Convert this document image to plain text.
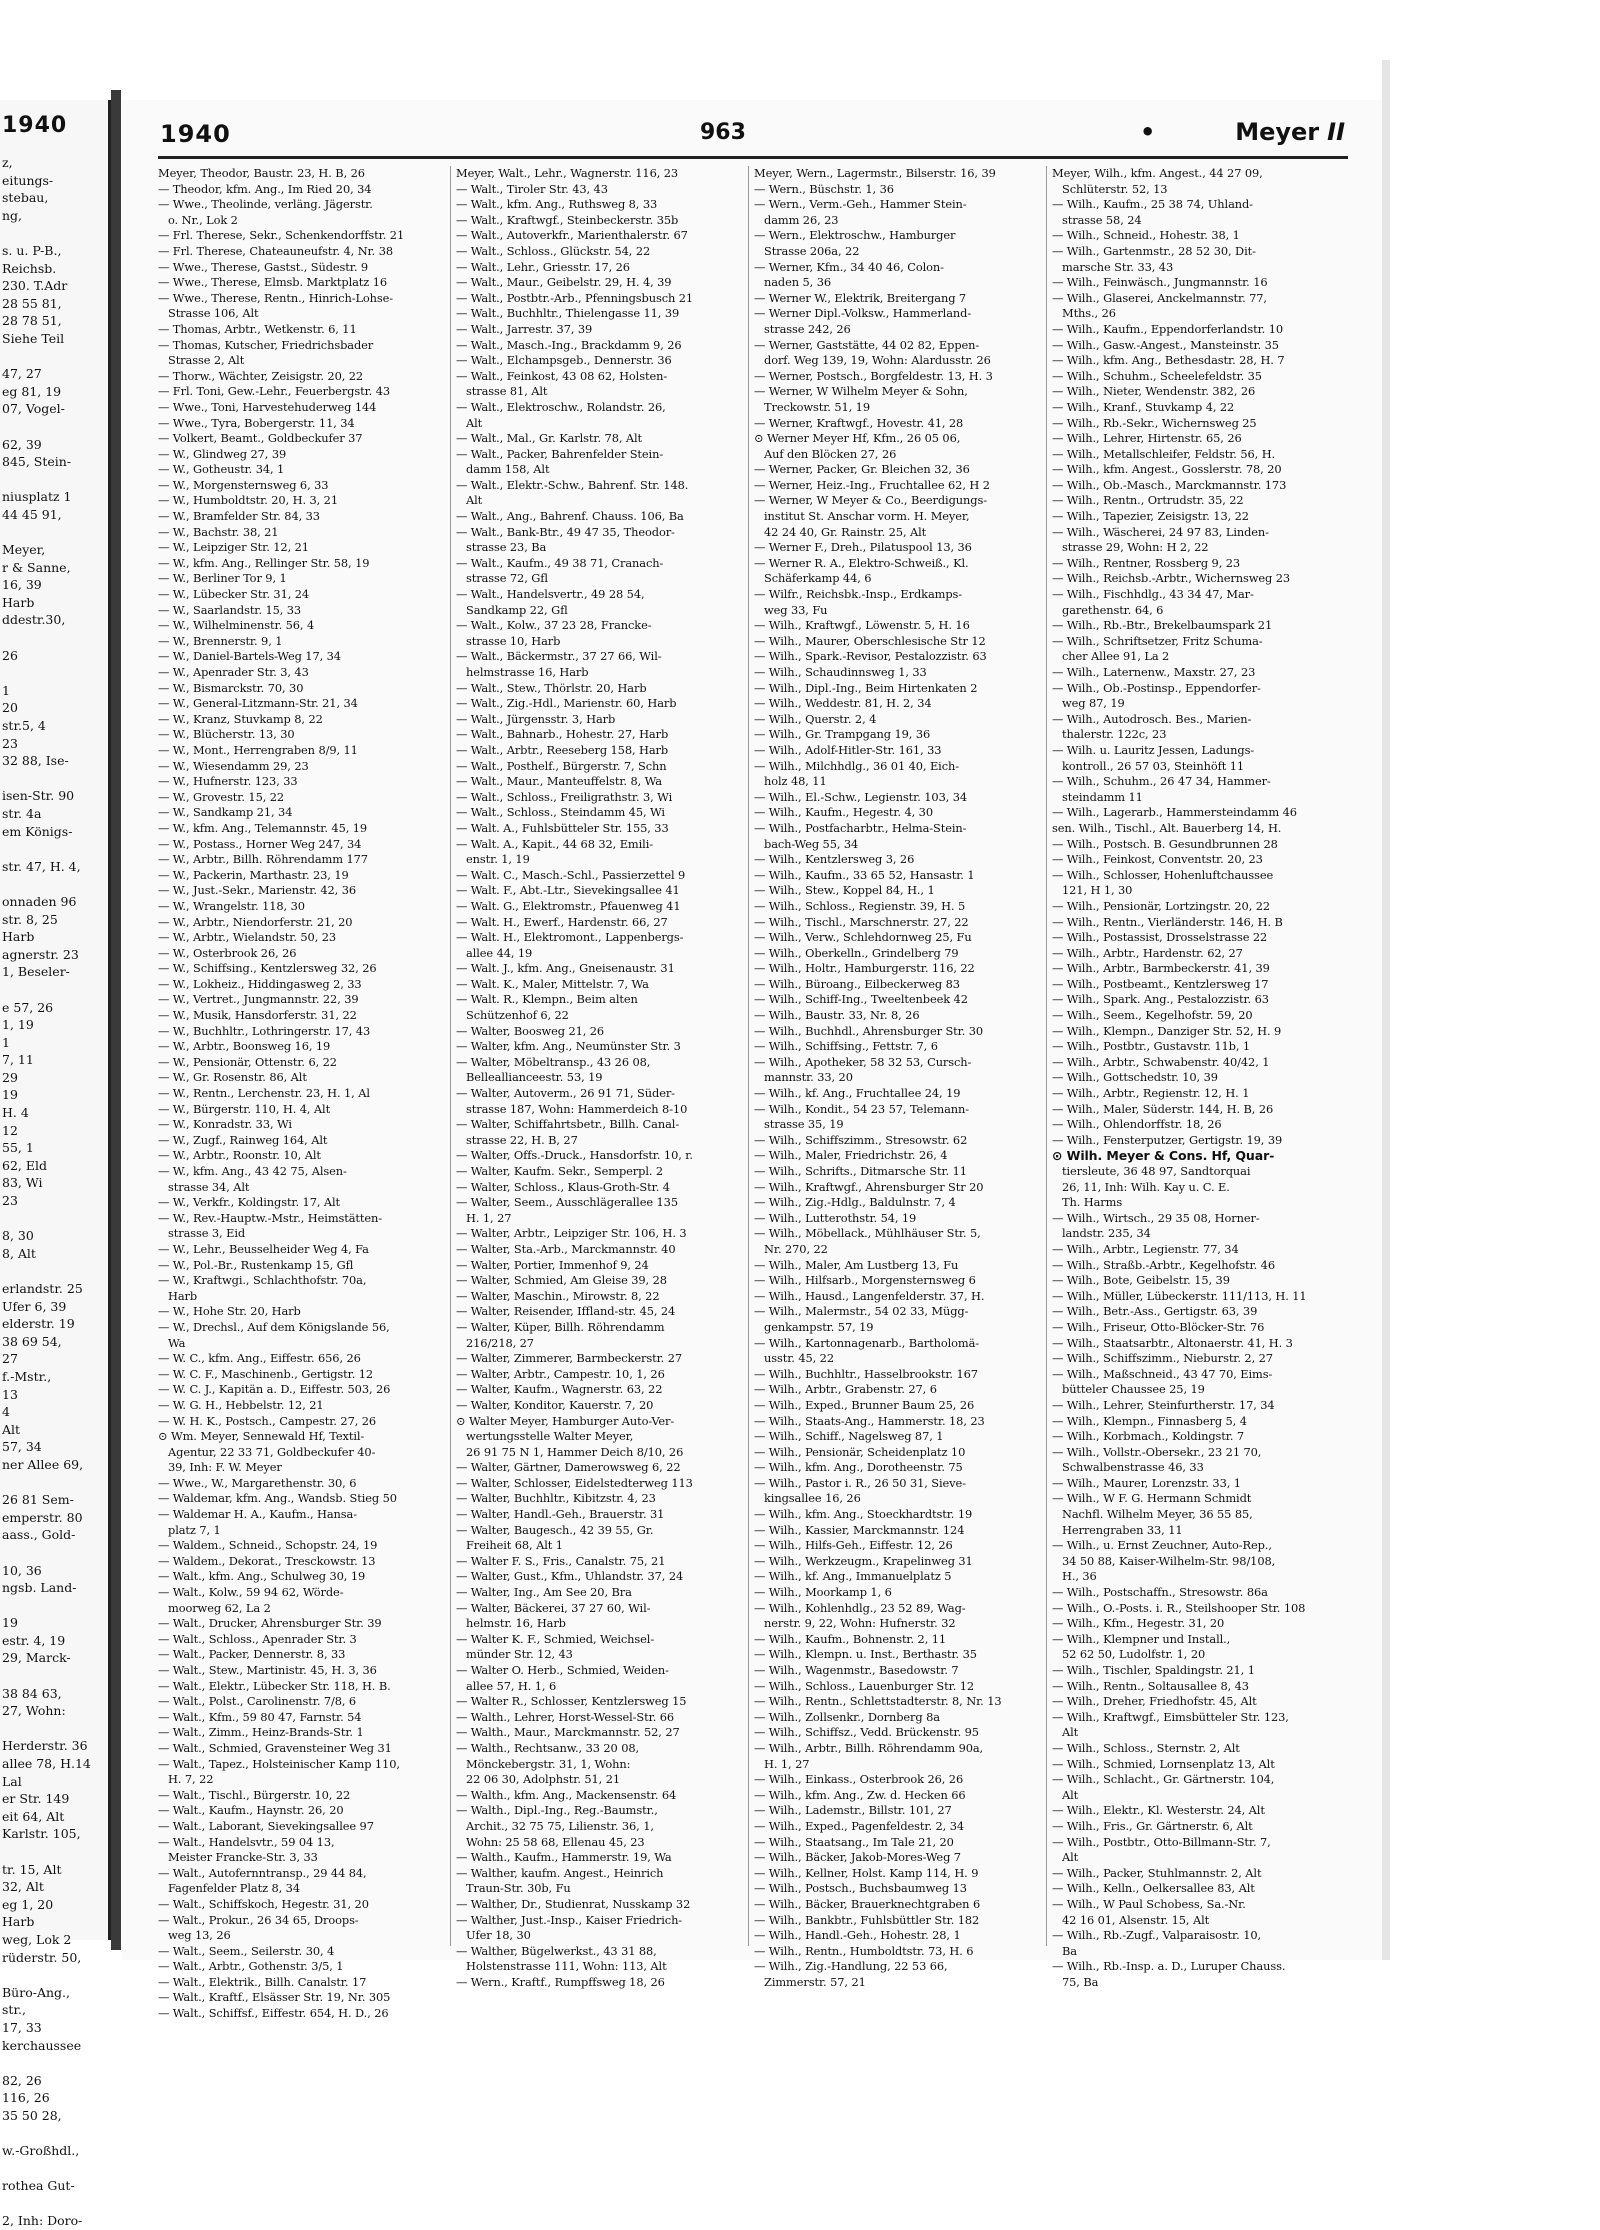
1940
z,
eitungs-
stebau,
ng,

s. u. P-B.,
Reichsb.
230. T.Adr
28 55 81,
28 78 51,
Siehe Teil

47, 27
eg 81, 19
07, Vogel-

62, 39
845, Stein-

niusplatz 1
44 45 91,

Meyer,
r & Sanne,
16, 39
Harb
ddestr.30,

26

1
20
str.5, 4
23
32 88, Ise-

isen-Str. 90
str. 4a
em Königs-

str. 47, H. 4,

onnaden 96
str. 8, 25
Harb
agnerstr. 23
1, Beseler-

e 57, 26
1, 19
1
7, 11
29
19
H. 4
12
55, 1
62, Eld
83, Wi
23

8, 30
8, Alt

erlandstr. 25
Ufer 6, 39
elderstr. 19
38 69 54,
27
f.-Mstr.,
13
4
Alt
57, 34
ner Allee 69,

26 81 Sem-
emperstr. 80
aass., Gold-

10, 36
ngsb. Land-

19
estr. 4, 19
29, Marck-

38 84 63,
27, Wohn:

Herderstr. 36
allee 78, H.14
Lal
er Str. 149
eit 64, Alt
Karlstr. 105,

tr. 15, Alt
32, Alt
eg 1, 20
Harb
weg, Lok 2
rüderstr. 50,

Büro-Ang.,
str.,
17, 33
kerchaussee

82, 26
116, 26
35 50 28,

w.-Großhdl.,

rothea Gut-

2, Inh: Doro-
1940	963	•	Meyer II
Meyer, Theodor, Baustr. 23, H. B, 26
— Theodor, kfm. Ang., Im Ried 20, 34
— Wwe., Theolinde, verläng. Jägerstr.
o. Nr., Lok 2
— Frl. Therese, Sekr., Schenkendorffstr. 21
— Frl. Therese, Chateauneufstr. 4, Nr. 38
— Wwe., Therese, Gastst., Südestr. 9
— Wwe., Therese, Elmsb. Marktplatz 16
— Wwe., Therese, Rentn., Hinrich-Lohse-
Strasse 106, Alt
— Thomas, Arbtr., Wetkenstr. 6, 11
— Thomas, Kutscher, Friedrichsbader
Strasse 2, Alt
— Thorw., Wächter, Zeisigstr. 20, 22
— Frl. Toni, Gew.-Lehr., Feuerbergstr. 43
— Wwe., Toni, Harvestehuderweg 144
— Wwe., Tyra, Bobergerstr. 11, 34
— Volkert, Beamt., Goldbeckufer 37
— W., Glindweg 27, 39
— W., Gotheustr. 34, 1
— W., Morgensternsweg 6, 33
— W., Humboldtstr. 20, H. 3, 21
— W., Bramfelder Str. 84, 33
— W., Bachstr. 38, 21
— W., Leipziger Str. 12, 21
— W., kfm. Ang., Rellinger Str. 58, 19
— W., Berliner Tor 9, 1
— W., Lübecker Str. 31, 24
— W., Saarlandstr. 15, 33
— W., Wilhelminenstr. 56, 4
— W., Brennerstr. 9, 1
— W., Daniel-Bartels-Weg 17, 34
— W., Apenrader Str. 3, 43
— W., Bismarckstr. 70, 30
— W., General-Litzmann-Str. 21, 34
— W., Kranz, Stuvkamp 8, 22
— W., Blücherstr. 13, 30
— W., Mont., Herrengraben 8/9, 11
— W., Wiesendamm 29, 23
— W., Hufnerstr. 123, 33
— W., Grovestr. 15, 22
— W., Sandkamp 21, 34
— W., kfm. Ang., Telemannstr. 45, 19
— W., Postass., Horner Weg 247, 34
— W., Arbtr., Billh. Röhrendamm 177
— W., Packerin, Marthastr. 23, 19
— W., Just.-Sekr., Marienstr. 42, 36
— W., Wrangelstr. 118, 30
— W., Arbtr., Niendorferstr. 21, 20
— W., Arbtr., Wielandstr. 50, 23
— W., Osterbrook 26, 26
— W., Schiffsing., Kentzlersweg 32, 26
— W., Lokheiz., Hiddingasweg 2, 33
— W., Vertret., Jungmannstr. 22, 39
— W., Musik, Hansdorferstr. 31, 22
— W., Buchhltr., Lothringerstr. 17, 43
— W., Arbtr., Boonsweg 16, 19
— W., Pensionär, Ottenstr. 6, 22
— W., Gr. Rosenstr. 86, Alt
— W., Rentn., Lerchenstr. 23, H. 1, Al
— W., Bürgerstr. 110, H. 4, Alt
— W., Konradstr. 33, Wi
— W., Zugf., Rainweg 164, Alt
— W., Arbtr., Roonstr. 10, Alt
— W., kfm. Ang., 43 42 75, Alsen-
strasse 34, Alt
— W., Verkfr., Koldingstr. 17, Alt
— W., Rev.-Hauptw.-Mstr., Heimstätten-
strasse 3, Eid
— W., Lehr., Beusselheider Weg 4, Fa
— W., Pol.-Br., Rustenkamp 15, Gfl
— W., Kraftwgi., Schlachthofstr. 70a,
Harb
— W., Hohe Str. 20, Harb
— W., Drechsl., Auf dem Königslande 56,
Wa
— W. C., kfm. Ang., Eiffestr. 656, 26
— W. C. F., Maschinenb., Gertigstr. 12
— W. C. J., Kapitän a. D., Eiffestr. 503, 26
— W. G. H., Hebbelstr. 12, 21
— W. H. K., Postsch., Campestr. 27, 26
⊙ Wm. Meyer, Sennewald Hf, Textil-
Agentur, 22 33 71, Goldbeckufer 40-
39, Inh: F. W. Meyer
— Wwe., W., Margarethenstr. 30, 6
— Waldemar, kfm. Ang., Wandsb. Stieg 50
— Waldemar H. A., Kaufm., Hansa-
platz 7, 1
— Waldem., Schneid., Schopstr. 24, 19
— Waldem., Dekorat., Tresckowstr. 13
— Walt., kfm. Ang., Schulweg 30, 19
— Walt., Kolw., 59 94 62, Wörde-
moorweg 62, La 2
— Walt., Drucker, Ahrensburger Str. 39
— Walt., Schloss., Apenrader Str. 3
— Walt., Packer, Dennerstr. 8, 33
— Walt., Stew., Martinistr. 45, H. 3, 36
— Walt., Elektr., Lübecker Str. 118, H. B.
— Walt., Polst., Carolinenstr. 7/8, 6
— Walt., Kfm., 59 80 47, Farnstr. 54
— Walt., Zimm., Heinz-Brands-Str. 1
— Walt., Schmied, Gravensteiner Weg 31
— Walt., Tapez., Holsteinischer Kamp 110,
H. 7, 22
— Walt., Tischl., Bürgerstr. 10, 22
— Walt., Kaufm., Haynstr. 26, 20
— Walt., Laborant, Sievekingsallee 97
— Walt., Handelsvtr., 59 04 13,
Meister Francke-Str. 3, 33
— Walt., Autofernntransp., 29 44 84,
Fagenfelder Platz 8, 34
— Walt., Schiffskoch, Hegestr. 31, 20
— Walt., Prokur., 26 34 65, Droops-
weg 13, 26
— Walt., Seem., Seilerstr. 30, 4
— Walt., Arbtr., Gothenstr. 3/5, 1
— Walt., Elektrik., Billh. Canalstr. 17
— Walt., Kraftf., Elsässer Str. 19, Nr. 305
— Walt., Schiffsf., Eiffestr. 654, H. D., 26
Meyer, Walt., Lehr., Wagnerstr. 116, 23
— Walt., Tiroler Str. 43, 43
— Walt., kfm. Ang., Ruthsweg 8, 33
— Walt., Kraftwgf., Steinbeckerstr. 35b
— Walt., Autoverkfr., Marienthalerstr. 67
— Walt., Schloss., Glückstr. 54, 22
— Walt., Lehr., Griesstr. 17, 26
— Walt., Maur., Geibelstr. 29, H. 4, 39
— Walt., Postbtr.-Arb., Pfenningsbusch 21
— Walt., Buchhltr., Thielengasse 11, 39
— Walt., Jarrestr. 37, 39
— Walt., Masch.-Ing., Brackdamm 9, 26
— Walt., Elchampsgeb., Dennerstr. 36
— Walt., Feinkost, 43 08 62, Holsten-
strasse 81, Alt
— Walt., Elektroschw., Rolandstr. 26,
Alt
— Walt., Mal., Gr. Karlstr. 78, Alt
— Walt., Packer, Bahrenfelder Stein-
damm 158, Alt
— Walt., Elektr.-Schw., Bahrenf. Str. 148.
Alt
— Walt., Ang., Bahrenf. Chauss. 106, Ba
— Walt., Bank-Btr., 49 47 35, Theodor-
strasse 23, Ba
— Walt., Kaufm., 49 38 71, Cranach-
strasse 72, Gfl
— Walt., Handelsvertr., 49 28 54,
Sandkamp 22, Gfl
— Walt., Kolw., 37 23 28, Francke-
strasse 10, Harb
— Walt., Bäckermstr., 37 27 66, Wil-
helmstrasse 16, Harb
— Walt., Stew., Thörlstr. 20, Harb
— Walt., Zig.-Hdl., Marienstr. 60, Harb
— Walt., Jürgensstr. 3, Harb
— Walt., Bahnarb., Hohestr. 27, Harb
— Walt., Arbtr., Reeseberg 158, Harb
— Walt., Posthelf., Bürgerstr. 7, Schn
— Walt., Maur., Manteuffelstr. 8, Wa
— Walt., Schloss., Freiligrathstr. 3, Wi
— Walt., Schloss., Steindamm 45, Wi
— Walt. A., Fuhlsbütteler Str. 155, 33
— Walt. A., Kapit., 44 68 32, Emili-
enstr. 1, 19
— Walt. C., Masch.-Schl., Passierzettel 9
— Walt. F., Abt.-Ltr., Sievekingsallee 41
— Walt. G., Elektromstr., Pfauenweg 41
— Walt. H., Ewerf., Hardenstr. 66, 27
— Walt. H., Elektromont., Lappenbergs-
allee 44, 19
— Walt. J., kfm. Ang., Gneisenaustr. 31
— Walt. K., Maler, Mittelstr. 7, Wa
— Walt. R., Klempn., Beim alten
Schützenhof 6, 22
— Walter, Boosweg 21, 26
— Walter, kfm. Ang., Neumünster Str. 3
— Walter, Möbeltransp., 43 26 08,
Belleallianceestr. 53, 19
— Walter, Autoverm., 26 91 71, Süder-
strasse 187, Wohn: Hammerdeich 8-10
— Walter, Schiffahrtsbetr., Billh. Canal-
strasse 22, H. B, 27
— Walter, Offs.-Druck., Hansdorfstr. 10, r.
— Walter, Kaufm. Sekr., Semperpl. 2
— Walter, Schloss., Klaus-Groth-Str. 4
— Walter, Seem., Ausschlägerallee 135
H. 1, 27
— Walter, Arbtr., Leipziger Str. 106, H. 3
— Walter, Sta.-Arb., Marckmannstr. 40
— Walter, Portier, Immenhof 9, 24
— Walter, Schmied, Am Gleise 39, 28
— Walter, Maschin., Mirowstr. 8, 22
— Walter, Reisender, Iffland-str. 45, 24
— Walter, Küper, Billh. Röhrendamm
216/218, 27
— Walter, Zimmerer, Barmbeckerstr. 27
— Walter, Arbtr., Campestr. 10, 1, 26
— Walter, Kaufm., Wagnerstr. 63, 22
— Walter, Konditor, Kauerstr. 7, 20
⊙ Walter Meyer, Hamburger Auto-Ver-
wertungsstelle Walter Meyer,
26 91 75 N 1, Hammer Deich 8/10, 26
— Walter, Gärtner, Damerowsweg 6, 22
— Walter, Schlosser, Eidelstedterweg 113
— Walter, Buchhltr., Kibitzstr. 4, 23
— Walter, Handl.-Geh., Brauerstr. 31
— Walter, Baugesch., 42 39 55, Gr.
Freiheit 68, Alt 1
— Walter F. S., Fris., Canalstr. 75, 21
— Walter, Gust., Kfm., Uhlandstr. 37, 24
— Walter, Ing., Am See 20, Bra
— Walter, Bäckerei, 37 27 60, Wil-
helmstr. 16, Harb
— Walter K. F., Schmied, Weichsel-
münder Str. 12, 43
— Walter O. Herb., Schmied, Weiden-
allee 57, H. 1, 6
— Walter R., Schlosser, Kentzlersweg 15
— Walth., Lehrer, Horst-Wessel-Str. 66
— Walth., Maur., Marckmannstr. 52, 27
— Walth., Rechtsanw., 33 20 08,
Mönckebergstr. 31, 1, Wohn:
22 06 30, Adolphstr. 51, 21
— Walth., kfm. Ang., Mackensenstr. 64
— Walth., Dipl.-Ing., Reg.-Baumstr.,
Archit., 32 75 75, Lilienstr. 36, 1,
Wohn: 25 58 68, Ellenau 45, 23
— Walth., Kaufm., Hammerstr. 19, Wa
— Walther, kaufm. Angest., Heinrich
Traun-Str. 30b, Fu
— Walther, Dr., Studienrat, Nusskamp 32
— Walther, Just.-Insp., Kaiser Friedrich-
Ufer 18, 30
— Walther, Bügelwerkst., 43 31 88,
Holstenstrasse 111, Wohn: 113, Alt
— Wern., Kraftf., Rumpffsweg 18, 26
Meyer, Wern., Lagermstr., Bilserstr. 16, 39
— Wern., Büschstr. 1, 36
— Wern., Verm.-Geh., Hammer Stein-
damm 26, 23
— Wern., Elektroschw., Hamburger
Strasse 206a, 22
— Werner, Kfm., 34 40 46, Colon-
naden 5, 36
— Werner W., Elektrik, Breitergang 7
— Werner Dipl.-Volksw., Hammerland-
strasse 242, 26
— Werner, Gaststätte, 44 02 82, Eppen-
dorf. Weg 139, 19, Wohn: Alardusstr. 26
— Werner, Postsch., Borgfeldestr. 13, H. 3
— Werner, W Wilhelm Meyer & Sohn,
Treckowstr. 51, 19
— Werner, Kraftwgf., Hovestr. 41, 28
⊙ Werner Meyer Hf, Kfm., 26 05 06,
Auf den Blöcken 27, 26
— Werner, Packer, Gr. Bleichen 32, 36
— Werner, Heiz.-Ing., Fruchtallee 62, H 2
— Werner, W Meyer & Co., Beerdigungs-
institut St. Anschar vorm. H. Meyer,
42 24 40, Gr. Rainstr. 25, Alt
— Werner F., Dreh., Pilatuspool 13, 36
— Werner R. A., Elektro-Schweiß., Kl.
Schäferkamp 44, 6
— Wilfr., Reichsbk.-Insp., Erdkamps-
weg 33, Fu
— Wilh., Kraftwgf., Löwenstr. 5, H. 16
— Wilh., Maurer, Oberschlesische Str 12
— Wilh., Spark.-Revisor, Pestalozzistr. 63
— Wilh., Schaudinnsweg 1, 33
— Wilh., Dipl.-Ing., Beim Hirtenkaten 2
— Wilh., Weddestr. 81, H. 2, 34
— Wilh., Querstr. 2, 4
— Wilh., Gr. Trampgang 19, 36
— Wilh., Adolf-Hitler-Str. 161, 33
— Wilh., Milchhdlg., 36 01 40, Eich-
holz 48, 11
— Wilh., El.-Schw., Legienstr. 103, 34
— Wilh., Kaufm., Hegestr. 4, 30
— Wilh., Postfacharbtr., Helma-Stein-
bach-Weg 55, 34
— Wilh., Kentzlersweg 3, 26
— Wilh., Kaufm., 33 65 52, Hansastr. 1
— Wilh., Stew., Koppel 84, H., 1
— Wilh., Schloss., Regienstr. 39, H. 5
— Wilh., Tischl., Marschnerstr. 27, 22
— Wilh., Verw., Schlehdornweg 25, Fu
— Wilh., Oberkelln., Grindelberg 79
— Wilh., Holtr., Hamburgerstr. 116, 22
— Wilh., Büroang., Eilbeckerweg 83
— Wilh., Schiff-Ing., Tweeltenbeek 42
— Wilh., Baustr. 33, Nr. 8, 26
— Wilh., Buchhdl., Ahrensburger Str. 30
— Wilh., Schiffsing., Fettstr. 7, 6
— Wilh., Apotheker, 58 32 53, Cursch-
mannstr. 33, 20
— Wilh., kf. Ang., Fruchtallee 24, 19
— Wilh., Kondit., 54 23 57, Telemann-
strasse 35, 19
— Wilh., Schiffszimm., Stresowstr. 62
— Wilh., Maler, Friedrichstr. 26, 4
— Wilh., Schrifts., Ditmarsche Str. 11
— Wilh., Kraftwgf., Ahrensburger Str 20
— Wilh., Zig.-Hdlg., Baldulnstr. 7, 4
— Wilh., Lutterothstr. 54, 19
— Wilh., Möbellack., Mühlhäuser Str. 5,
Nr. 270, 22
— Wilh., Maler, Am Lustberg 13, Fu
— Wilh., Hilfsarb., Morgensternsweg 6
— Wilh., Hausd., Langenfelderstr. 37, H.
— Wilh., Malermstr., 54 02 33, Mügg-
genkampstr. 57, 19
— Wilh., Kartonnagenarb., Bartholomä-
usstr. 45, 22
— Wilh., Buchhltr., Hasselbrookstr. 167
— Wilh., Arbtr., Grabenstr. 27, 6
— Wilh., Exped., Brunner Baum 25, 26
— Wilh., Staats-Ang., Hammerstr. 18, 23
— Wilh., Schiff., Nagelsweg 87, 1
— Wilh., Pensionär, Scheidenplatz 10
— Wilh., kfm. Ang., Dorotheenstr. 75
— Wilh., Pastor i. R., 26 50 31, Sieve-
kingsallee 16, 26
— Wilh., kfm. Ang., Stoeckhardtstr. 19
— Wilh., Kassier, Marckmannstr. 124
— Wilh., Hilfs-Geh., Eiffestr. 12, 26
— Wilh., Werkzeugm., Krapelinweg 31
— Wilh., kf. Ang., Immanuelplatz 5
— Wilh., Moorkamp 1, 6
— Wilh., Kohlenhdlg., 23 52 89, Wag-
nerstr. 9, 22, Wohn: Hufnerstr. 32
— Wilh., Kaufm., Bohnenstr. 2, 11
— Wilh., Klempn. u. Inst., Berthastr. 35
— Wilh., Wagenmstr., Basedowstr. 7
— Wilh., Schloss., Lauenburger Str. 12
— Wilh., Rentn., Schlettstadterstr. 8, Nr. 13
— Wilh., Zollsenkr., Dornberg 8a
— Wilh., Schiffsz., Vedd. Brückenstr. 95
— Wilh., Arbtr., Billh. Röhrendamm 90a,
H. 1, 27
— Wilh., Einkass., Osterbrook 26, 26
— Wilh., kfm. Ang., Zw. d. Hecken 66
— Wilh., Lademstr., Billstr. 101, 27
— Wilh., Exped., Pagenfeldestr. 2, 34
— Wilh., Staatsang., Im Tale 21, 20
— Wilh., Bäcker, Jakob-Mores-Weg 7
— Wilh., Kellner, Holst. Kamp 114, H. 9
— Wilh., Postsch., Buchsbaumweg 13
— Wilh., Bäcker, Brauerknechtgraben 6
— Wilh., Bankbtr., Fuhlsbüttler Str. 182
— Wilh., Handl.-Geh., Hohestr. 28, 1
— Wilh., Rentn., Humboldtstr. 73, H. 6
— Wilh., Zig.-Handlung, 22 53 66,
Zimmerstr. 57, 21
Meyer, Wilh., kfm. Angest., 44 27 09,
Schlüterstr. 52, 13
— Wilh., Kaufm., 25 38 74, Uhland-
strasse 58, 24
— Wilh., Schneid., Hohestr. 38, 1
— Wilh., Gartenmstr., 28 52 30, Dit-
marsche Str. 33, 43
— Wilh., Feinwäsch., Jungmannstr. 16
— Wilh., Glaserei, Anckelmannstr. 77,
Mths., 26
— Wilh., Kaufm., Eppendorferlandstr. 10
— Wilh., Gasw.-Angest., Mansteinstr. 35
— Wilh., kfm. Ang., Bethesdastr. 28, H. 7
— Wilh., Schuhm., Scheelefeldstr. 35
— Wilh., Nieter, Wendenstr. 382, 26
— Wilh., Kranf., Stuvkamp 4, 22
— Wilh., Rb.-Sekr., Wichernsweg 25
— Wilh., Lehrer, Hirtenstr. 65, 26
— Wilh., Metallschleifer, Feldstr. 56, H.
— Wilh., kfm. Angest., Gosslerstr. 78, 20
— Wilh., Ob.-Masch., Marckmannstr. 173
— Wilh., Rentn., Ortrudstr. 35, 22
— Wilh., Tapezier, Zeisigstr. 13, 22
— Wilh., Wäscherei, 24 97 83, Linden-
strasse 29, Wohn: H 2, 22
— Wilh., Rentner, Rossberg 9, 23
— Wilh., Reichsb.-Arbtr., Wichernsweg 23
— Wilh., Fischhdlg., 43 34 47, Mar-
garethenstr. 64, 6
— Wilh., Rb.-Btr., Brekelbaumspark 21
— Wilh., Schriftsetzer, Fritz Schuma-
cher Allee 91, La 2
— Wilh., Laternenw., Maxstr. 27, 23
— Wilh., Ob.-Postinsp., Eppendorfer-
weg 87, 19
— Wilh., Autodrosch. Bes., Marien-
thalerstr. 122c, 23
— Wilh. u. Lauritz Jessen, Ladungs-
kontroll., 26 57 03, Steinhöft 11
— Wilh., Schuhm., 26 47 34, Hammer-
steindamm 11
— Wilh., Lagerarb., Hammersteindamm 46
sen. Wilh., Tischl., Alt. Bauerberg 14, H.
— Wilh., Postsch. B. Gesundbrunnen 28
— Wilh., Feinkost, Conventstr. 20, 23
— Wilh., Schlosser, Hohenluftchaussee
121, H 1, 30
— Wilh., Pensionär, Lortzingstr. 20, 22
— Wilh., Rentn., Vierländerstr. 146, H. B
— Wilh., Postassist, Drosselstrasse 22
— Wilh., Arbtr., Hardenstr. 62, 27
— Wilh., Arbtr., Barmbeckerstr. 41, 39
— Wilh., Postbeamt., Kentzlersweg 17
— Wilh., Spark. Ang., Pestalozzistr. 63
— Wilh., Seem., Kegelhofstr. 59, 20
— Wilh., Klempn., Danziger Str. 52, H. 9
— Wilh., Postbtr., Gustavstr. 11b, 1
— Wilh., Arbtr., Schwabenstr. 40/42, 1
— Wilh., Gottschedstr. 10, 39
— Wilh., Arbtr., Regienstr. 12, H. 1
— Wilh., Maler, Süderstr. 144, H. B, 26
— Wilh., Ohlendorffstr. 18, 26
— Wilh., Fensterputzer, Gertigstr. 19, 39
⊙ Wilh. Meyer & Cons. Hf, Quar-
tiersleute, 36 48 97, Sandtorquai
26, 11, Inh: Wilh. Kay u. C. E.
Th. Harms
— Wilh., Wirtsch., 29 35 08, Horner-
landstr. 235, 34
— Wilh., Arbtr., Legienstr. 77, 34
— Wilh., Straßb.-Arbtr., Kegelhofstr. 46
— Wilh., Bote, Geibelstr. 15, 39
— Wilh., Müller, Lübeckerstr. 111/113, H. 11
— Wilh., Betr.-Ass., Gertigstr. 63, 39
— Wilh., Friseur, Otto-Blöcker-Str. 76
— Wilh., Staatsarbtr., Altonaerstr. 41, H. 3
— Wilh., Schiffszimm., Nieburstr. 2, 27
— Wilh., Maßschneid., 43 47 70, Eims-
bütteler Chaussee 25, 19
— Wilh., Lehrer, Steinfurtherstr. 17, 34
— Wilh., Klempn., Finnasberg 5, 4
— Wilh., Korbmach., Koldingstr. 7
— Wilh., Vollstr.-Obersekr., 23 21 70,
Schwalbenstrasse 46, 33
— Wilh., Maurer, Lorenzstr. 33, 1
— Wilh., W F. G. Hermann Schmidt
Nachfl. Wilhelm Meyer, 36 55 85,
Herrengraben 33, 11
— Wilh., u. Ernst Zeuchner, Auto-Rep.,
34 50 88, Kaiser-Wilhelm-Str. 98/108,
H., 36
— Wilh., Postschaffn., Stresowstr. 86a
— Wilh., O.-Posts. i. R., Steilshooper Str. 108
— Wilh., Kfm., Hegestr. 31, 20
— Wilh., Klempner und Install.,
52 62 50, Ludolfstr. 1, 20
— Wilh., Tischler, Spaldingstr. 21, 1
— Wilh., Rentn., Soltausallee 8, 43
— Wilh., Dreher, Friedhofstr. 45, Alt
— Wilh., Kraftwgf., Eimsbütteler Str. 123,
Alt
— Wilh., Schloss., Sternstr. 2, Alt
— Wilh., Schmied, Lornsenplatz 13, Alt
— Wilh., Schlacht., Gr. Gärtnerstr. 104,
Alt
— Wilh., Elektr., Kl. Westerstr. 24, Alt
— Wilh., Fris., Gr. Gärtnerstr. 6, Alt
— Wilh., Postbtr., Otto-Billmann-Str. 7,
Alt
— Wilh., Packer, Stuhlmannstr. 2, Alt
— Wilh., Kelln., Oelkersallee 83, Alt
— Wilh., W Paul Schobess, Sa.-Nr.
42 16 01, Alsenstr. 15, Alt
— Wilh., Rb.-Zugf., Valparaisostr. 10,
Ba
— Wilh., Rb.-Insp. a. D., Luruper Chauss.
75, Ba
